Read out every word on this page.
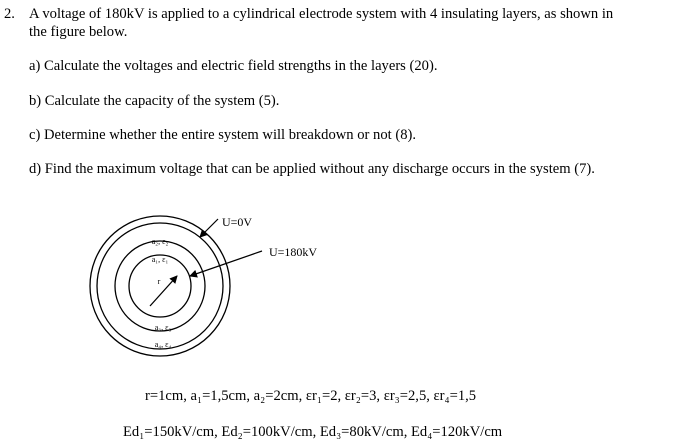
2. A voltage of 180kV is applied to a cylindrical electrode system with 4 insulating layers, as shown in
the figure below.
a) Calculate the voltages and electric field strengths in the layers (20).
b) Calculate the capacity of the system (5).
c) Determine whether the entire system will breakdown or not (8).
d) Find the maximum voltage that can be applied without any discharge occurs in the system (7).
U=0V
U=180kV
a₂, ε₂
a₁, ε₁
r
a₃, ε₃
a₄, ε₄
r=1cm, a₁=1,5cm, a₂=2cm, εr₁=2, εr₂=3, εr₃=2,5, εr₄=1,5
Ed₁=150kV/cm, Ed₂=100kV/cm, Ed₃=80kV/cm, Ed₄=120kV/cm
